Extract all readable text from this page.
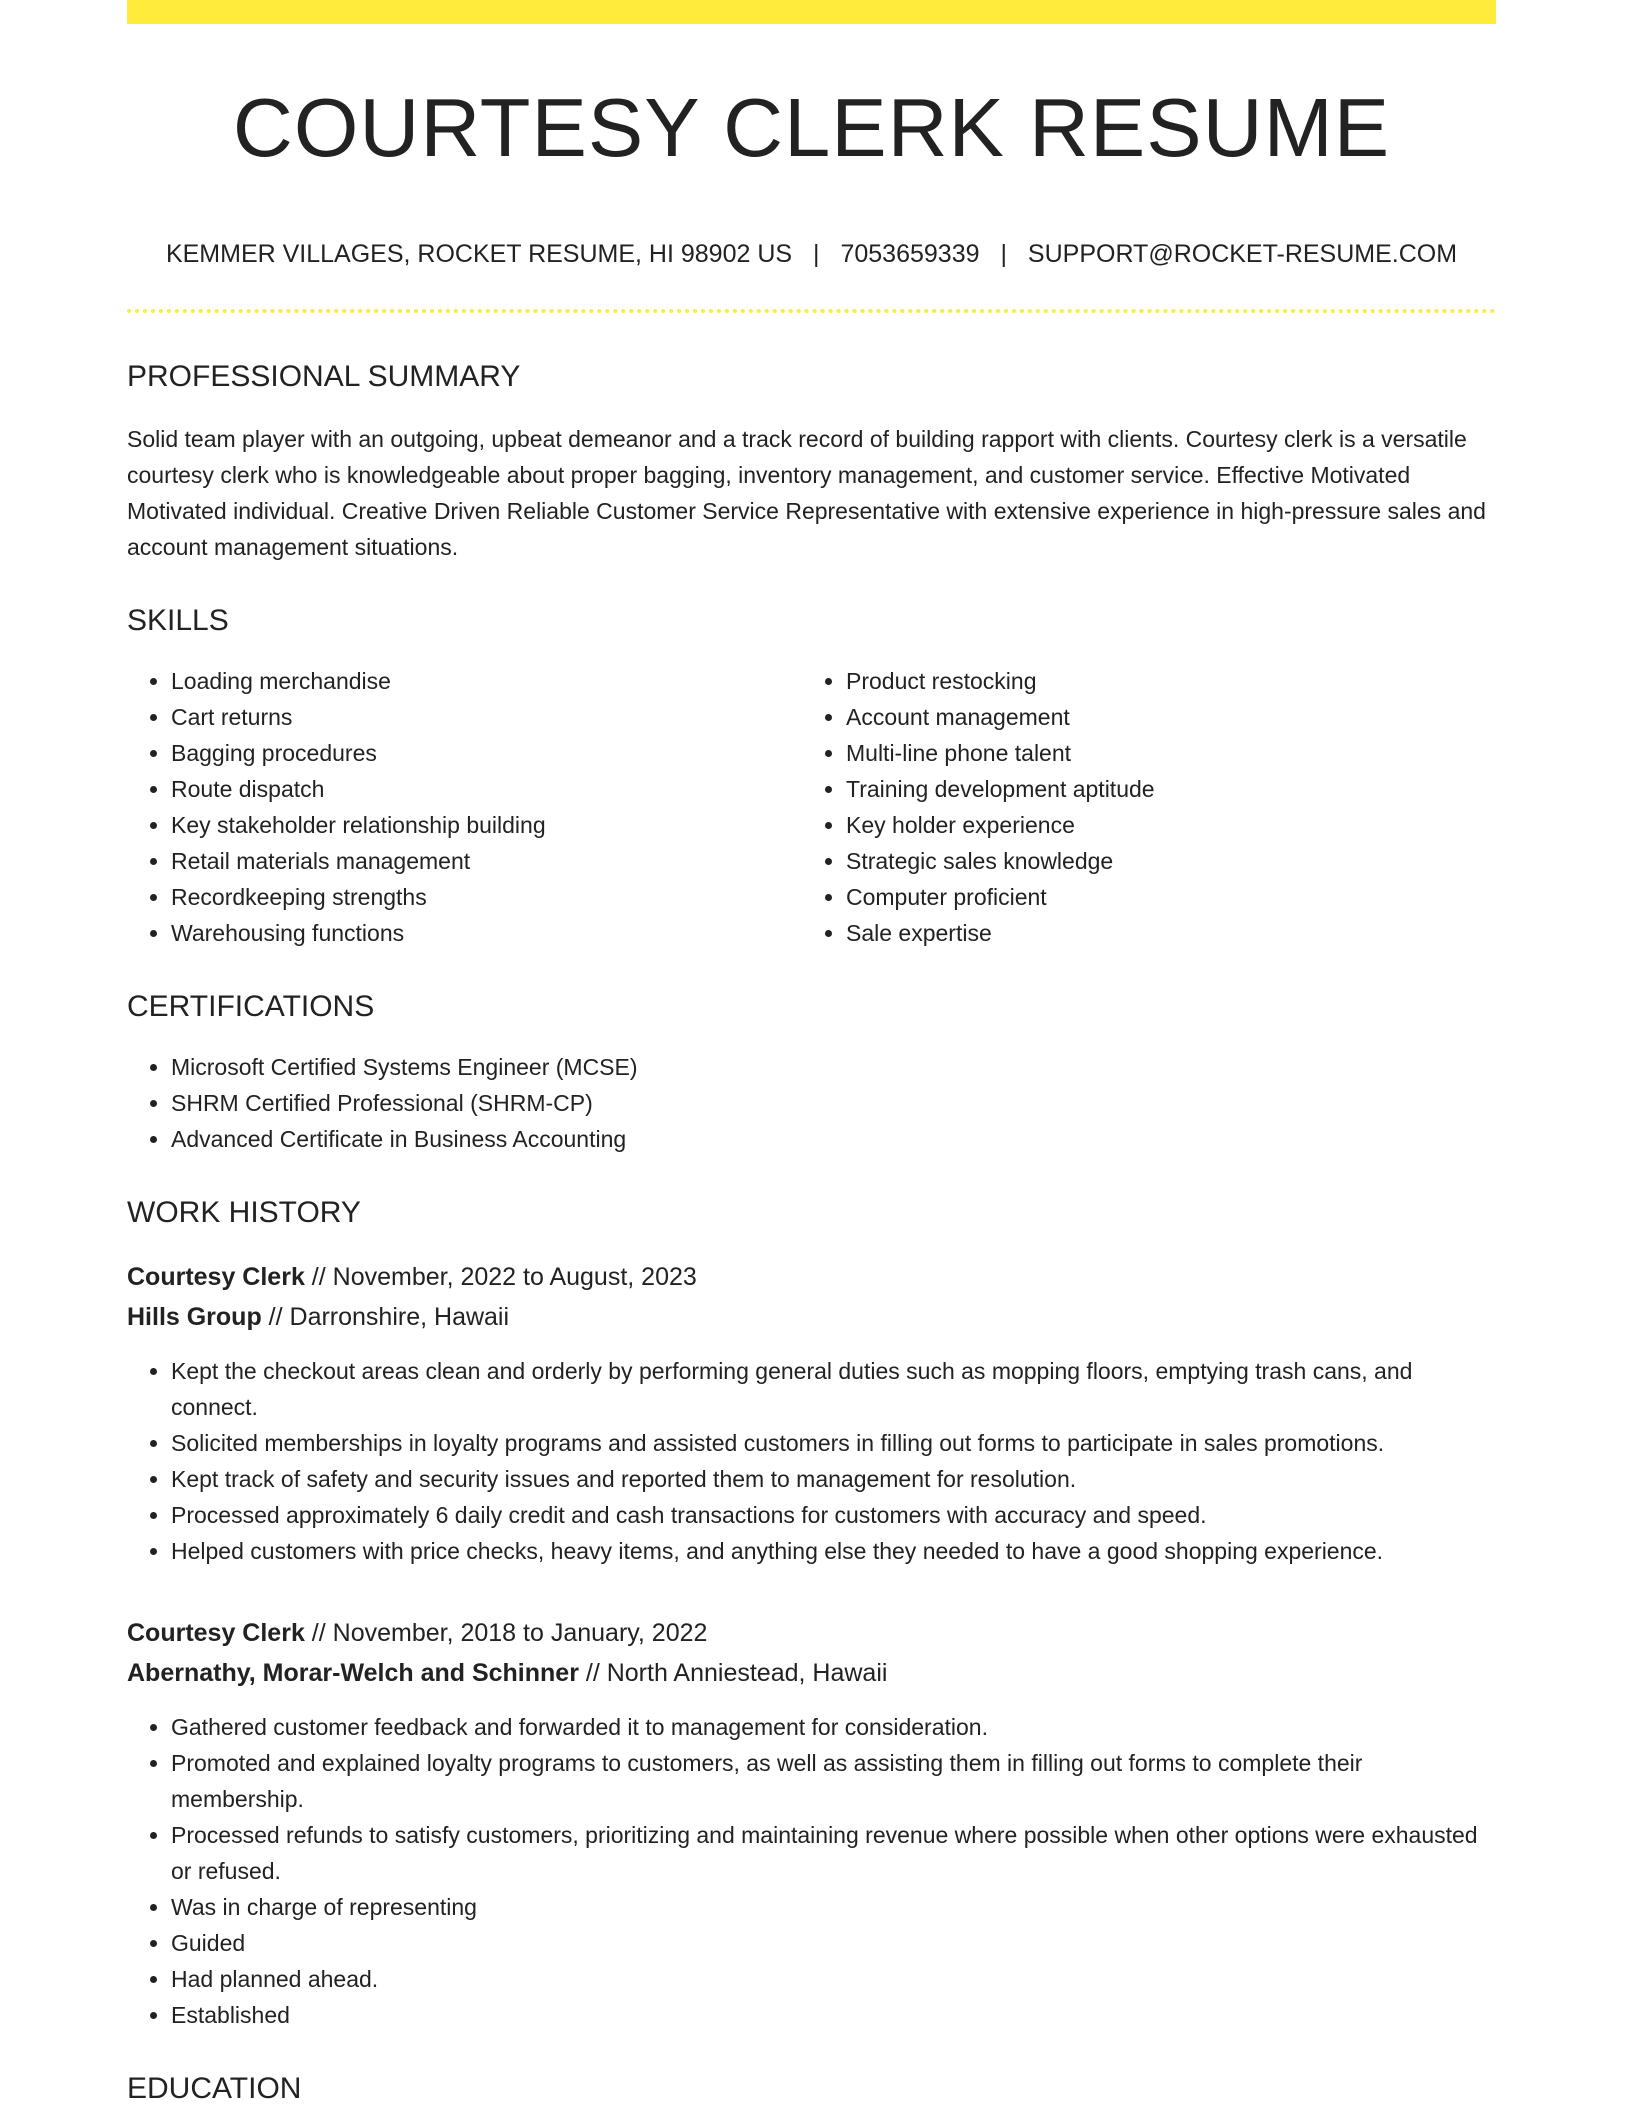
COURTESY CLERK RESUME
KEMMER VILLAGES, ROCKET RESUME, HI 98902 US | 7053659339 | SUPPORT@ROCKET-RESUME.COM
PROFESSIONAL SUMMARY

Solid team player with an outgoing, upbeat demeanor and a track record of building rapport with clients. Courtesy clerk is a versatile courtesy clerk who is knowledgeable about proper bagging, inventory management, and customer service. Effective Motivated Motivated individual. Creative Driven Reliable Customer Service Representative with extensive experience in high-pressure sales and account management situations.

SKILLS
• Loading merchandise
• Cart returns
• Bagging procedures
• Route dispatch
• Key stakeholder relationship building
• Retail materials management
• Recordkeeping strengths
• Warehousing functions
• Product restocking
• Account management
• Multi-line phone talent
• Training development aptitude
• Key holder experience
• Strategic sales knowledge
• Computer proficient
• Sale expertise
CERTIFICATIONS
• Microsoft Certified Systems Engineer (MCSE)
• SHRM Certified Professional (SHRM-CP)
• Advanced Certificate in Business Accounting
WORK HISTORY
Courtesy Clerk // November, 2022 to August, 2023
Hills Group // Darronshire, Hawaii
• Kept the checkout areas clean and orderly by performing general duties such as mopping floors, emptying trash cans, and connect.
• Solicited memberships in loyalty programs and assisted customers in filling out forms to participate in sales promotions.
• Kept track of safety and security issues and reported them to management for resolution.
• Processed approximately 6 daily credit and cash transactions for customers with accuracy and speed.
• Helped customers with price checks, heavy items, and anything else they needed to have a good shopping experience.
Courtesy Clerk // November, 2018 to January, 2022
Abernathy, Morar-Welch and Schinner // North Anniestead, Hawaii
• Gathered customer feedback and forwarded it to management for consideration.
• Promoted and explained loyalty programs to customers, as well as assisting them in filling out forms to complete their membership.
• Processed refunds to satisfy customers, prioritizing and maintaining revenue where possible when other options were exhausted or refused.
• Was in charge of representing
• Guided
• Had planned ahead.
• Established
EDUCATION
